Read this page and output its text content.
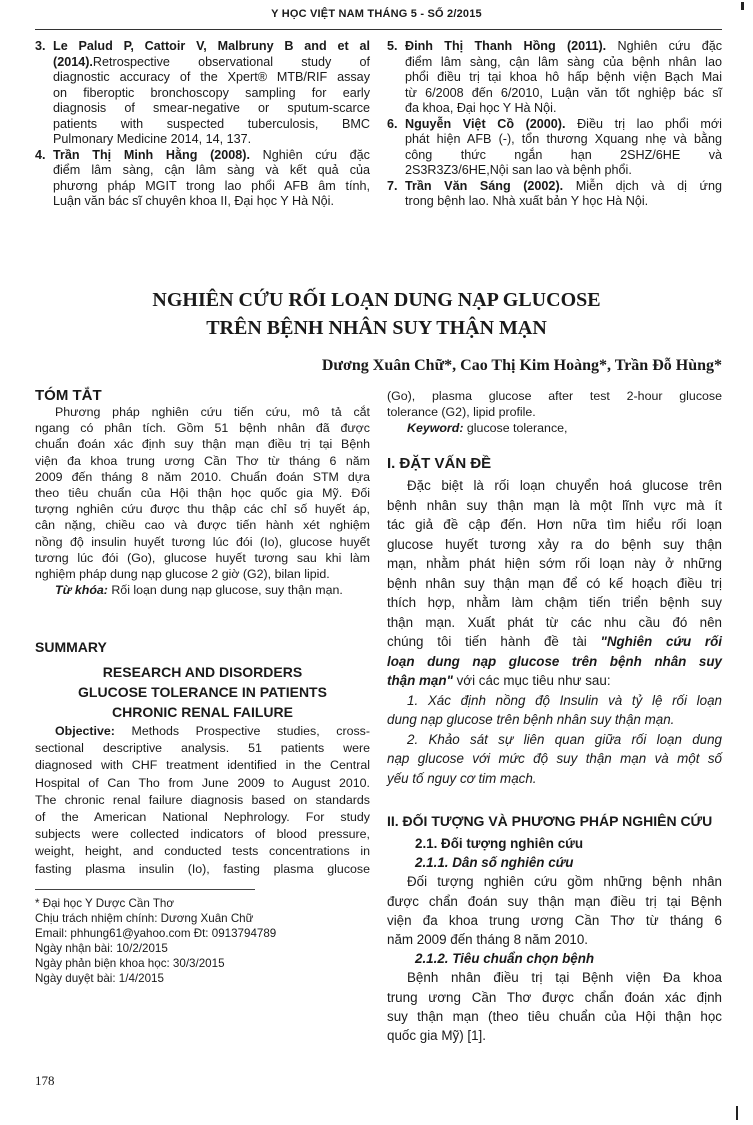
Y HỌC VIỆT NAM THÁNG 5 - SỐ 2/2015
3. Le Palud P, Cattoir V, Malbruny B and et al
(2014).Retrospective observational study of
diagnostic accuracy of the Xpert® MTB/RIF assay
on fiberoptic bronchoscopy sampling for early
diagnosis of smear-negative or sputum-scarce
patients with suspected tuberculosis, BMC
Pulmonary Medicine 2014, 14, 137.
4. Trần Thị Minh Hằng (2008). Nghiên cứu đặc
điểm lâm sàng, cận lâm sàng và kết quả của
phương pháp MGIT trong lao phổi AFB âm tính,
Luận văn bác sĩ chuyên khoa II, Đại học Y Hà Nội.
5. Đinh Thị Thanh Hồng (2011). Nghiên cứu đặc
điểm lâm sàng, cận lâm sàng của bệnh nhân lao
phổi điều trị tại khoa hô hấp bệnh viện Bạch Mai
từ 6/2008 đến 6/2010, Luận văn tốt nghiệp bác sĩ
đa khoa, Đại học Y Hà Nội.
6. Nguyễn Việt Cồ (2000). Điều trị lao phổi mới
phát hiện AFB (-), tổn thương Xquang nhẹ và bằng
công thức ngắn hạn 2SHZ/6HE và
2S3R3Z3/6HE,Nội san lao và bệnh phổi.
7. Trần Văn Sáng (2002). Miễn dịch và dị ứng
trong bệnh lao. Nhà xuất bản Y học Hà Nội.
NGHIÊN CỨU RỐI LOẠN DUNG NẠP GLUCOSE
TRÊN BỆNH NHÂN SUY THẬN MẠN
Dương Xuân Chữ*, Cao Thị Kim Hoàng*, Trần Đỗ Hùng*
TÓM TẮT
Phương pháp nghiên cứu tiến cứu, mô tả cắt
ngang có phân tích. Gồm 51 bệnh nhân đã được
chuẩn đoán xác định suy thận mạn điều trị tại Bệnh
viện đa khoa trung ương Cần Thơ từ tháng 6 năm
2009 đến tháng 8 năm 2010. Chuẩn đoán STM dựa
theo tiêu chuẩn của Hội thận học quốc gia Mỹ. Đối
tượng nghiên cứu được thu thập các chỉ số huyết áp,
cân nặng, chiều cao và được tiến hành xét nghiệm
nồng độ insulin huyết tương lúc đói (Io), glucose huyết
tương lúc đói (Go), glucose huyết tương sau khi làm
nghiệm pháp dung nạp glucose 2 giờ (G2), bilan lipid.
Từ khóa: Rối loạn dung nạp glucose, suy thận mạn.
SUMMARY
RESEARCH AND DISORDERS
GLUCOSE TOLERANCE IN PATIENTS
CHRONIC RENAL FAILURE
Objective: Methods Prospective studies, cross-
sectional descriptive analysis. 51 patients were
diagnosed with CHF treatment identified in the Central
Hospital of Can Tho from June 2009 to August 2010.
The chronic renal failure diagnosis based on standards
of the American National Nephrology. For study
subjects were collected indicators of blood pressure,
weight, height, and conducted tests concentrations in
fasting plasma insulin (Io), fasting plasma glucose
* Đại học Y Dược Cần Thơ
Chịu trách nhiệm chính: Dương Xuân Chữ
Email: phhung61@yahoo.com Đt: 0913794789
Ngày nhận bài: 10/2/2015
Ngày phản biện khoa học: 30/3/2015
Ngày duyệt bài: 1/4/2015
(Go), plasma glucose after test 2-hour glucose
tolerance (G2), lipid profile.
Keyword: glucose tolerance,
I. ĐẶT VẤN ĐỀ
Đặc biệt là rối loạn chuyển hoá glucose trên
bệnh nhân suy thận mạn là một lĩnh vực mà ít
tác giả đề cập đến. Hơn nữa tìm hiểu rối loạn
glucose huyết tương xảy ra do bệnh suy thận
mạn, nhằm phát hiện sớm rối loạn này ở những
bệnh nhân suy thận mạn để có kế hoạch điều trị
thích hợp, nhằm làm chậm tiến triển bệnh suy
thận mạn. Xuất phát từ các nhu cầu đó nên
chúng tôi tiến hành đề tài "Nghiên cứu rối
loạn dung nạp glucose trên bệnh nhân suy
thận mạn" với các mục tiêu như sau:
1. Xác định nồng độ Insulin và tỷ lệ rối loạn
dung nạp glucose trên bệnh nhân suy thận mạn.
2. Khảo sát sự liên quan giữa rối loạn dung
nạp glucose với mức độ suy thận mạn và một số
yếu tố nguy cơ tim mạch.
II. ĐỐI TƯỢNG VÀ PHƯƠNG PHÁP NGHIÊN CỨU
2.1. Đối tượng nghiên cứu
2.1.1. Dân số nghiên cứu
Đối tượng nghiên cứu gồm những bệnh nhân
được chẩn đoán suy thận mạn điều trị tại Bệnh
viện đa khoa trung ương Cần Thơ từ tháng 6
năm 2009 đến tháng 8 năm 2010.
2.1.2. Tiêu chuẩn chọn bệnh
Bệnh nhân điều trị tại Bệnh viện Đa khoa
trung ương Cần Thơ được chẩn đoán xác định
suy thận mạn (theo tiêu chuẩn của Hội thận học
quốc gia Mỹ) [1].
178
